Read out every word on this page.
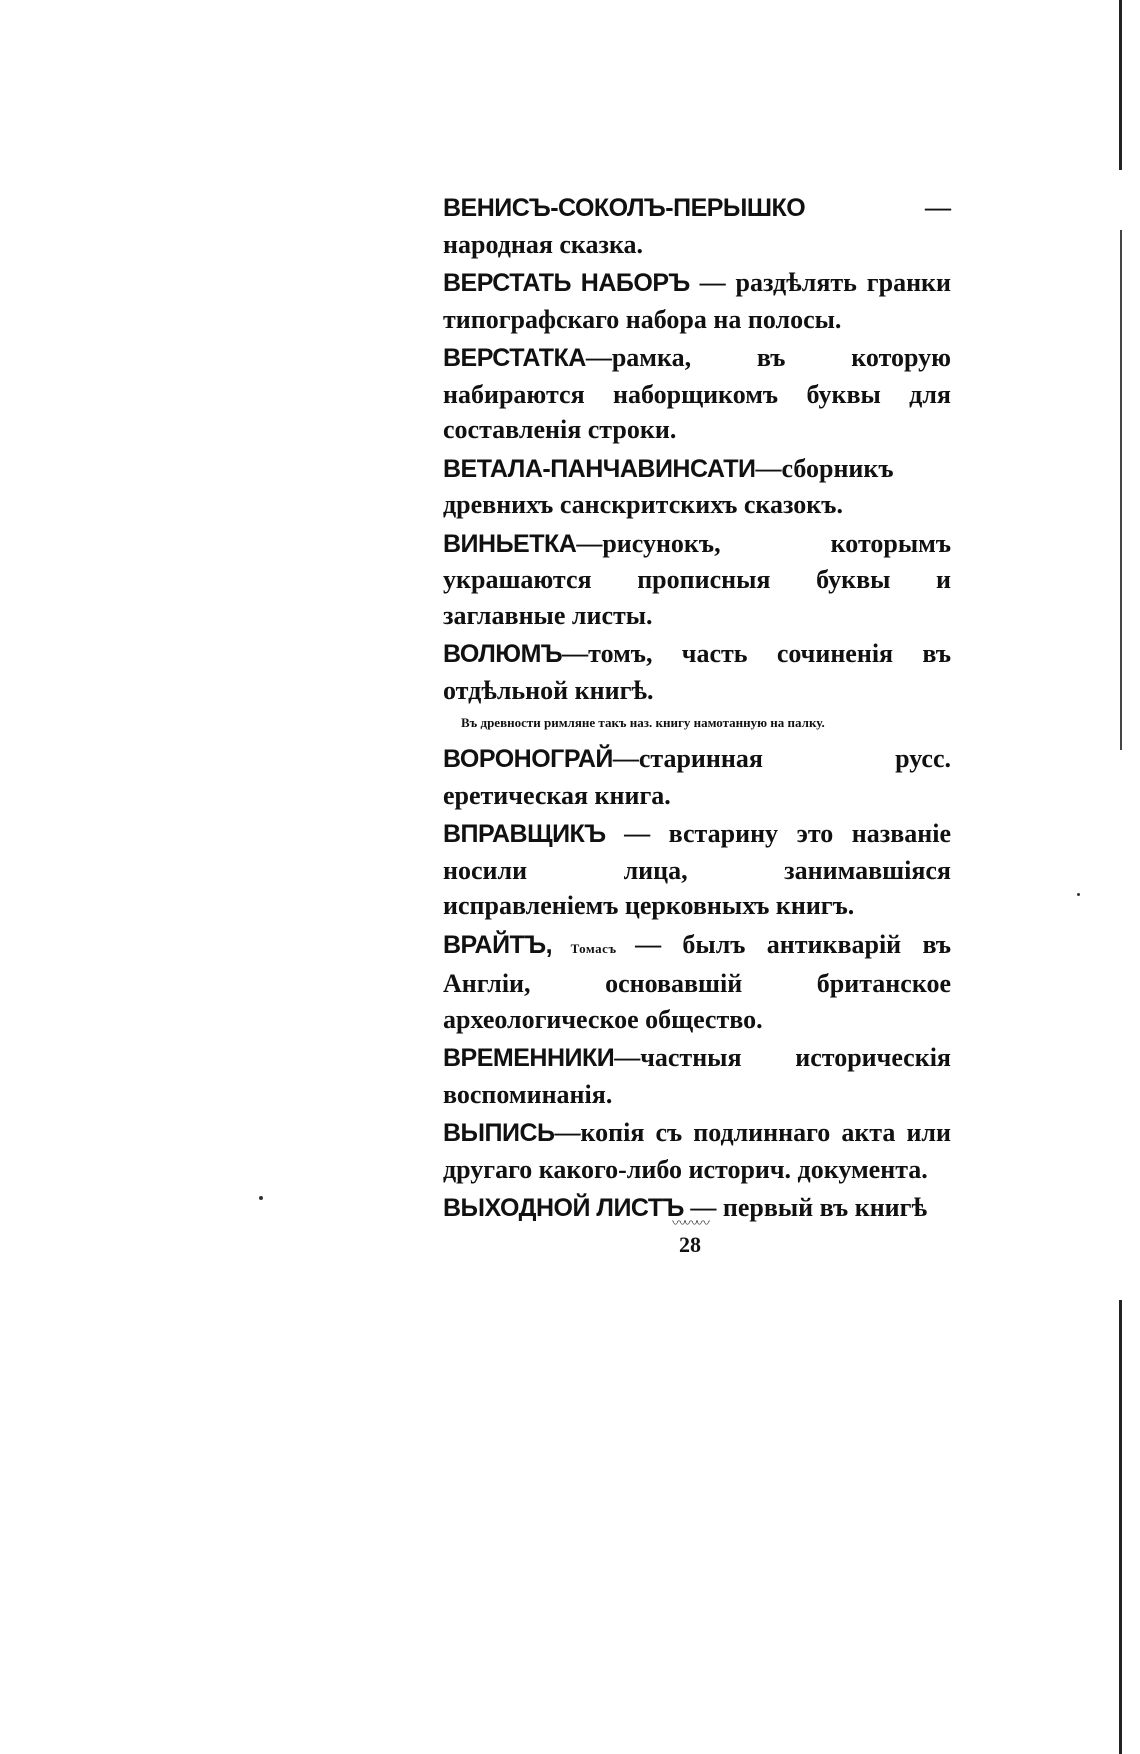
ВЕНИСЪ-СОКОЛЪ-ПЕРЫШКО — народная сказка.

ВЕРСТАТЬ НАБОРЪ — раздѣлять гранки типографскаго набора на полосы.

ВЕРСТАТКА—рамка, въ которую набираются наборщикомъ буквы для составленія строки.

ВЕТАЛА-ПАНЧАВИНСАТИ—сборникъ древнихъ санскритскихъ сказокъ.

ВИНЬЕТКА—рисунокъ, которымъ украшаются прописныя буквы и заглавные листы.

ВОЛЮМЪ—томъ, часть сочиненія въ отдѣльной книгѣ.

Въ древности римляне такъ наз. книгу намотанную на палку.

ВОРОНОГРАЙ—старинная русс. еретическая книга.

ВПРАВЩИКЪ — встарину это названіе носили лица, занимавшіяся исправленіемъ церковныхъ книгъ.

ВРАЙТЪ, Томасъ — былъ антикварій въ Англіи, основавшій британское археологическое общество.

ВРЕМЕННИКИ—частныя историческія воспоминанія.

ВЫПИСЬ—копія съ подлиннаго акта или другаго какого-либо историч. документа.

ВЫХОДНОЙ ЛИСТЪ — первый въ книгѣ

〰〰〰
28
